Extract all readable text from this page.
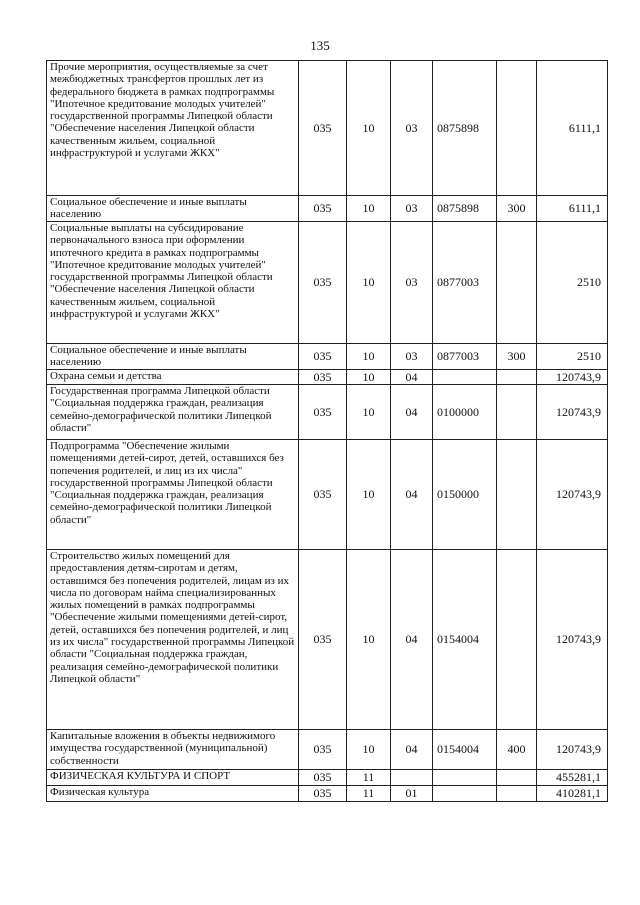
135
Прочие мероприятия, осуществляемые за счет межбюджетных трансфертов прошлых лет из федерального бюджета в рамках подпрограммы "Ипотечное кредитование молодых учителей" государственной программы Липецкой области "Обеспечение населения Липецкой области качественным жильем, социальной инфраструктурой и услугами ЖКХ"	035	10	03	0875898		6111,1
Социальное обеспечение и иные выплаты населению	035	10	03	0875898	300	6111,1
Социальные выплаты на субсидирование первоначального взноса при оформлении ипотечного кредита в рамках подпрограммы "Ипотечное кредитование молодых учителей" государственной программы Липецкой области "Обеспечение населения Липецкой области качественным жильем, социальной инфраструктурой и услугами ЖКХ"	035	10	03	0877003		2510
Социальное обеспечение и иные выплаты населению	035	10	03	0877003	300	2510
Охрана семьи и детства	035	10	04			120743,9
Государственная программа Липецкой области "Социальная поддержка граждан, реализация семейно-демографической политики Липецкой области"	035	10	04	0100000		120743,9
Подпрограмма "Обеспечение жилыми помещениями детей-сирот, детей, оставшихся без попечения родителей, и лиц из их числа" государственной программы Липецкой области "Социальная поддержка граждан, реализация семейно-демографической политики Липецкой области"	035	10	04	0150000		120743,9
Строительство жилых помещений для предоставления детям-сиротам и детям, оставшимся без попечения родителей, лицам из их числа по договорам найма специализированных жилых помещений в рамках подпрограммы "Обеспечение жилыми помещениями детей-сирот, детей, оставшихся без попечения родителей, и лиц из их числа" государственной программы Липецкой области "Социальная поддержка граждан, реализация семейно-демографической политики Липецкой области"	035	10	04	0154004		120743,9
Капитальные вложения в объекты недвижимого имущества государственной (муниципальной) собственности	035	10	04	0154004	400	120743,9
ФИЗИЧЕСКАЯ КУЛЬТУРА И СПОРТ	035	11				455281,1
Физическая культура	035	11	01			410281,1
